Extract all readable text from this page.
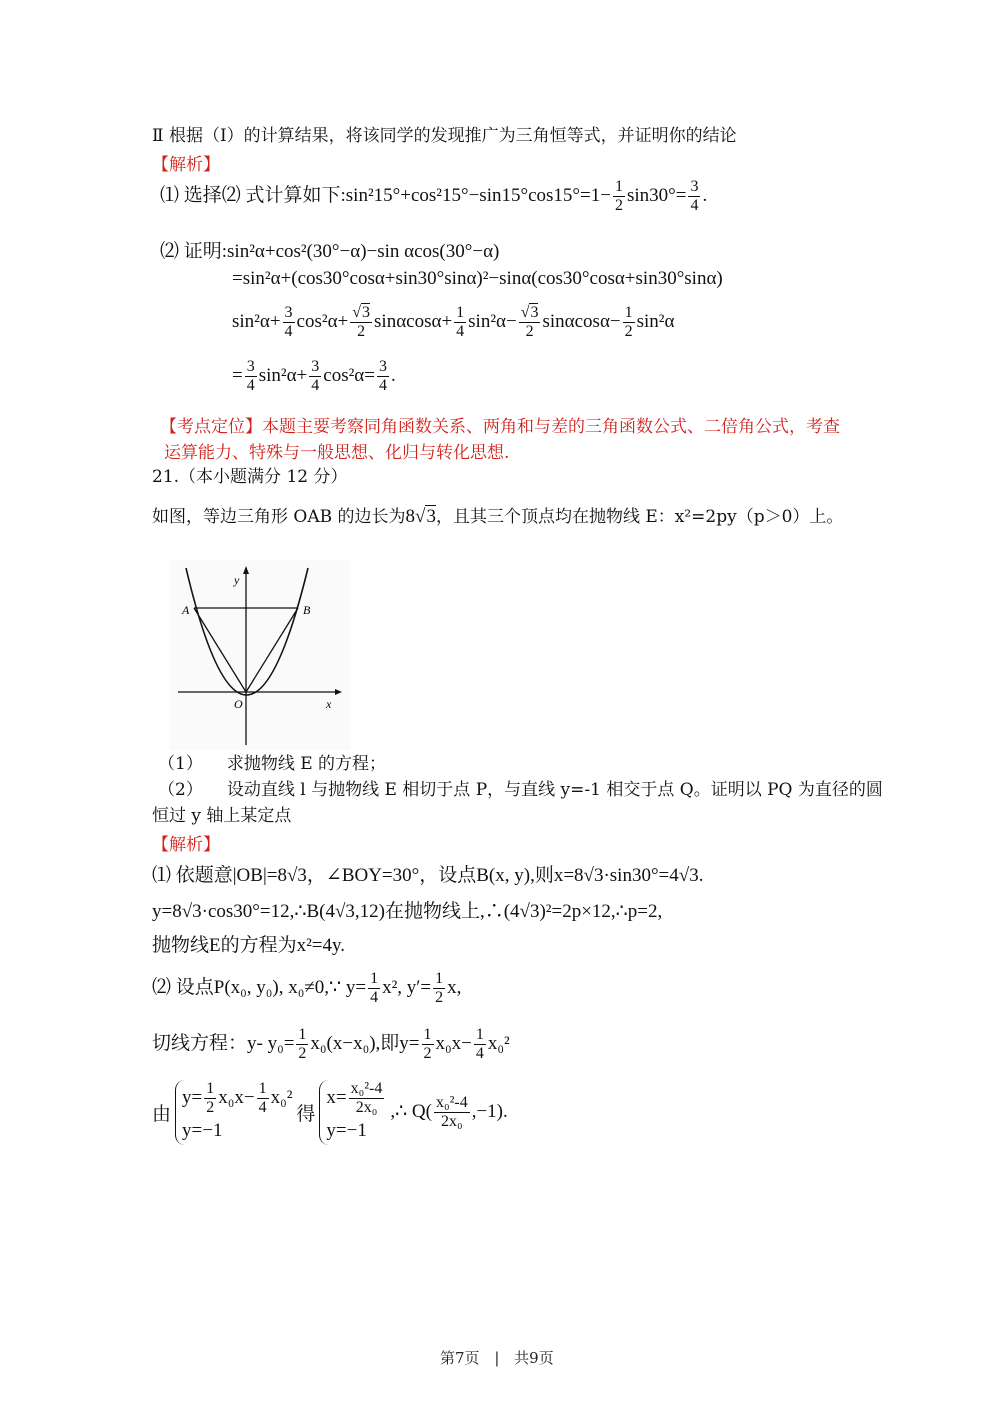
Ⅱ 根据（Ⅰ）的计算结果，将该同学的发现推广为三角恒等式，并证明你的结论
【解析】
⑴ 选择⑵ 式计算如下:sin²15°+cos²15°−sin15°cos15°=1− $\frac{1}{2} \sin 30^\circ= \frac{3}{4}$ .
⑵ 证明:sin²α+cos²(30°−α)−sin αcos(30°−α)
=sin²α+(cos30°cosα+sin30°sinα)²−sinα(cos30°cosα+sin30°sinα)
$\sin^2\alpha+ \frac{3}{4} \cos^2\alpha+ \frac{√3}{2} \sin\alpha\cos\alpha+ \frac{1}{4} \sin^2\alpha- \frac{√3}{2} \sin\alpha\cos\alpha- \frac{1}{2} \sin^2\alpha$
= $\frac{3}{4} \sin^2\alpha+ \frac{3}{4} \cos^2\alpha= \frac{3}{4}$ .
【考点定位】本题主要考察同角函数关系、两角和与差的三角函数公式、二倍角公式，考查
运算能力、特殊与一般思想、化归与转化思想.
21.（本小题满分 12 分）
如图，等边三角形 OAB 的边长为8√3，且其三个顶点均在抛物线 E：x²=2py（p＞0）上。
y
x
O
A	B
（1） 求抛物线 E 的方程；
（2） 设动直线 l 与抛物线 E 相切于点 P，与直线 y=-1 相交于点 Q。证明以 PQ 为直径的圆
恒过 y 轴上某定点
【解析】
⑴ 依题意|OB|=8√3，∠BOY=30°，设点B(x, y),则x=8√3·sin30°=4√3.
y=8√3·cos30°=12,∴B(4√3,12)在抛物线上,∴(4√3)²=2p×12,∴p=2,
抛物线E的方程为x²=4y.
⑵ 设点P(x₀, y₀), x₀≠0,∵ $y= \frac{1}{4} x^2$, $y'= \frac{1}{2} x$,
切线方程：y- $y_0= \frac{1}{2} x_0(x-x_0)$,即$y= \frac{1}{2} x_0x- \frac{1}{4} x_0^2$
由
$y= \frac{1}{2} x_0x- \frac{1}{4} x_0^2$
y=−1
得
$x= \frac{\text{x₀²-4}}{\text{2x₀}}$
y=−1
,∴ $Q( \frac{\text{x₀²-4}}{\text{2x₀}} ,-1)$.
第7页 | 共9页
